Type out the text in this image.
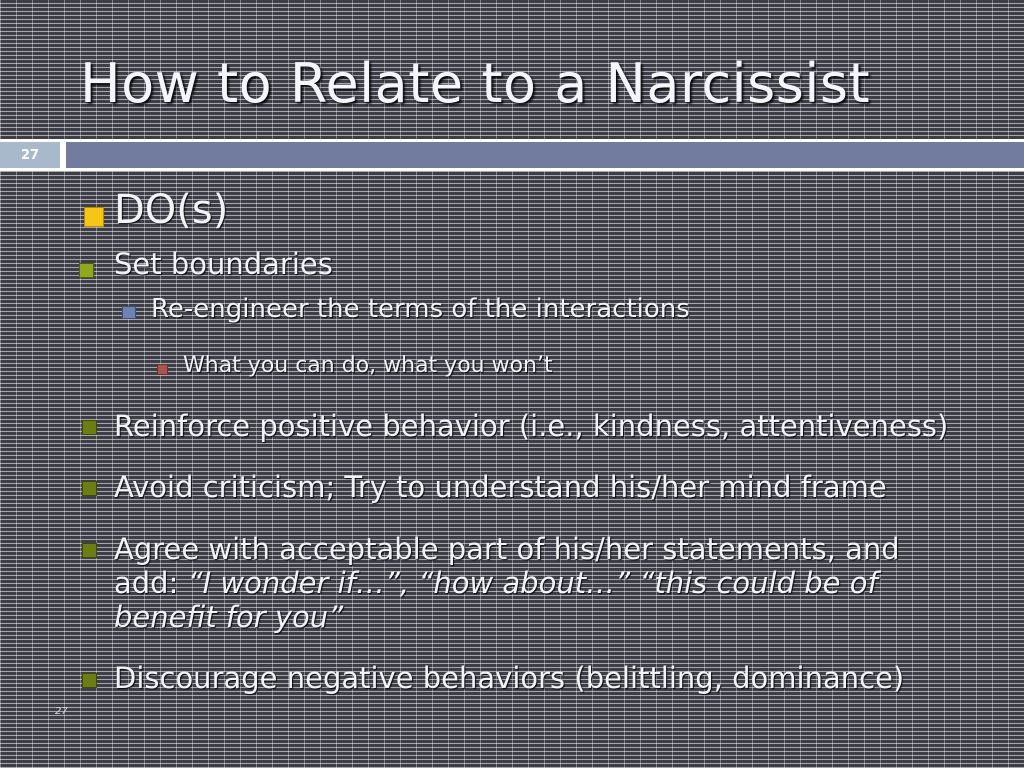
How to Relate to a Narcissist
27
DO(s)
Set boundaries
Re-engineer the terms of the interactions
What you can do, what you won’t
Reinforce positive behavior (i.e., kindness, attentiveness)
Avoid criticism; Try to understand his/her mind frame
Agree with acceptable part of his/her statements, and add: “I wonder if…”, “how about…” “this could be of benefit for you”
Discourage negative behaviors (belittling, dominance)
27
